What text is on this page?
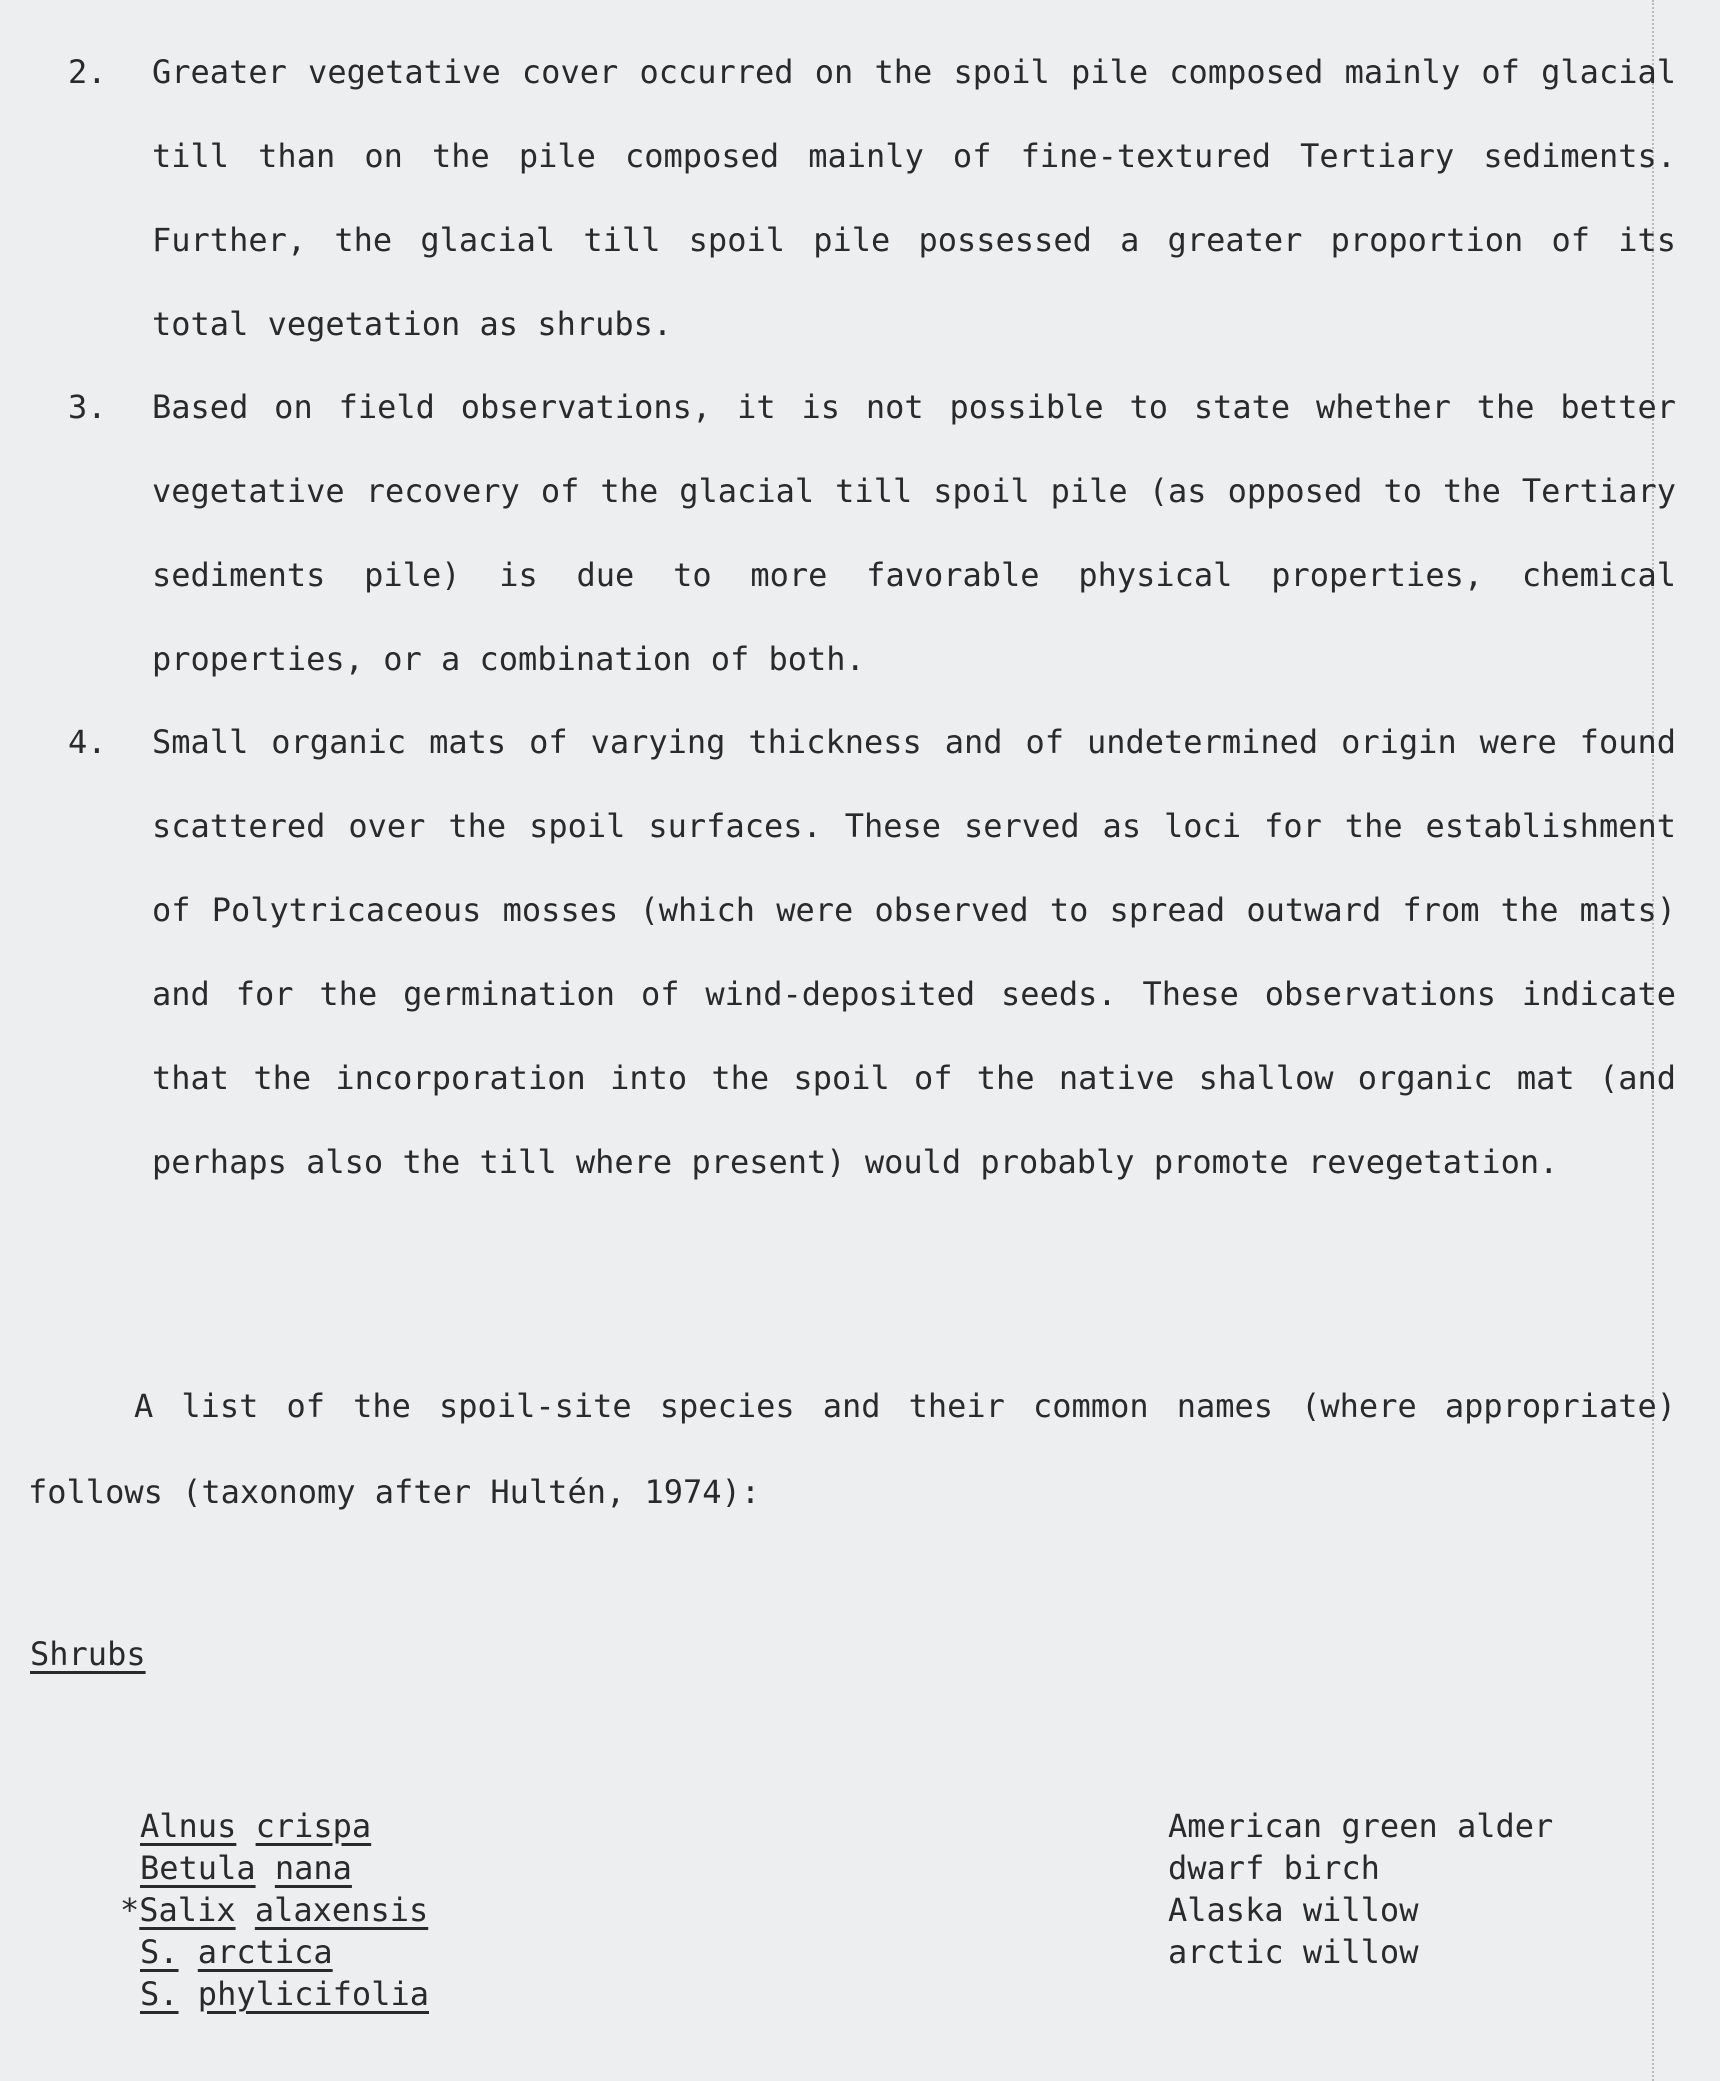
2. Greater vegetative cover occurred on the spoil pile composed mainly of glacial till than on the pile composed mainly of fine-textured Tertiary sediments. Further, the glacial till spoil pile possessed a greater proportion of its total vegetation as shrubs.
3. Based on field observations, it is not possible to state whether the better vegetative recovery of the glacial till spoil pile (as opposed to the Tertiary sediments pile) is due to more favorable physical properties, chemical properties, or a combination of both.
4. Small organic mats of varying thickness and of undetermined origin were found scattered over the spoil surfaces. These served as loci for the establishment of Polytricaceous mosses (which were observed to spread outward from the mats) and for the germination of wind-deposited seeds. These observations indicate that the incorporation into the spoil of the native shallow organic mat (and perhaps also the till where present) would probably promote revegetation.
A list of the spoil-site species and their common names (where appropriate) follows (taxonomy after Hultén, 1974):
Shrubs
Alnus crispa
Betula nana
*Salix alaxensis
S. arctica
S. phylicifolia
American green alder
dwarf birch
Alaska willow
arctic willow
